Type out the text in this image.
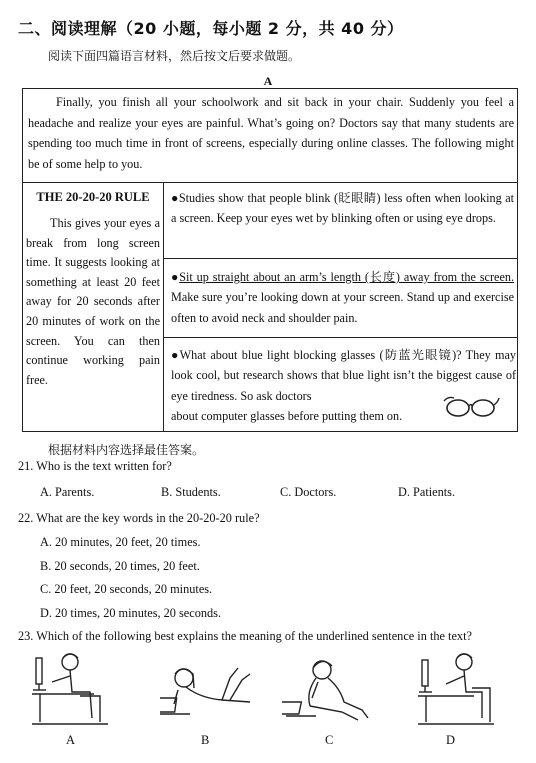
二、阅读理解（20 小题，每小题 2 分，共 40 分）
阅读下面四篇语言材料，然后按文后要求做题。
A
Finally, you finish all your schoolwork and sit back in your chair. Suddenly you feel a headache and realize your eyes are painful. What’s going on? Doctors say that many students are spending too much time in front of screens, especially during online classes. The following might be of some help to you.
THE 20-20-20 RULE
This gives your eyes a break from long screen time. It suggests looking at something at least 20 feet away for 20 seconds after 20 minutes of work on the screen. You can then continue working pain free.
●Studies show that people blink (眨眼睛) less often when looking at a screen. Keep your eyes wet by blinking often or using eye drops.
●Sit up straight about an arm’s length (长度) away from the screen. Make sure you’re looking down at your screen. Stand up and exercise often to avoid neck and shoulder pain.
●What about blue light blocking glasses (防蓝光眼镜)? They may look cool, but research shows that blue light isn’t the biggest cause of eye tiredness. So ask doctors
about computer glasses before putting them on.
根据材料内容选择最佳答案。
21. Who is the text written for?
A. Parents.	B. Students.	C. Doctors.	D. Patients.
22. What are the key words in the 20-20-20 rule?
A. 20 minutes, 20 feet, 20 times.
B. 20 seconds, 20 times, 20 feet.
C. 20 feet, 20 seconds, 20 minutes.
D. 20 times, 20 minutes, 20 seconds.
23. Which of the following best explains the meaning of the underlined sentence in the text?
A	B	C	D
